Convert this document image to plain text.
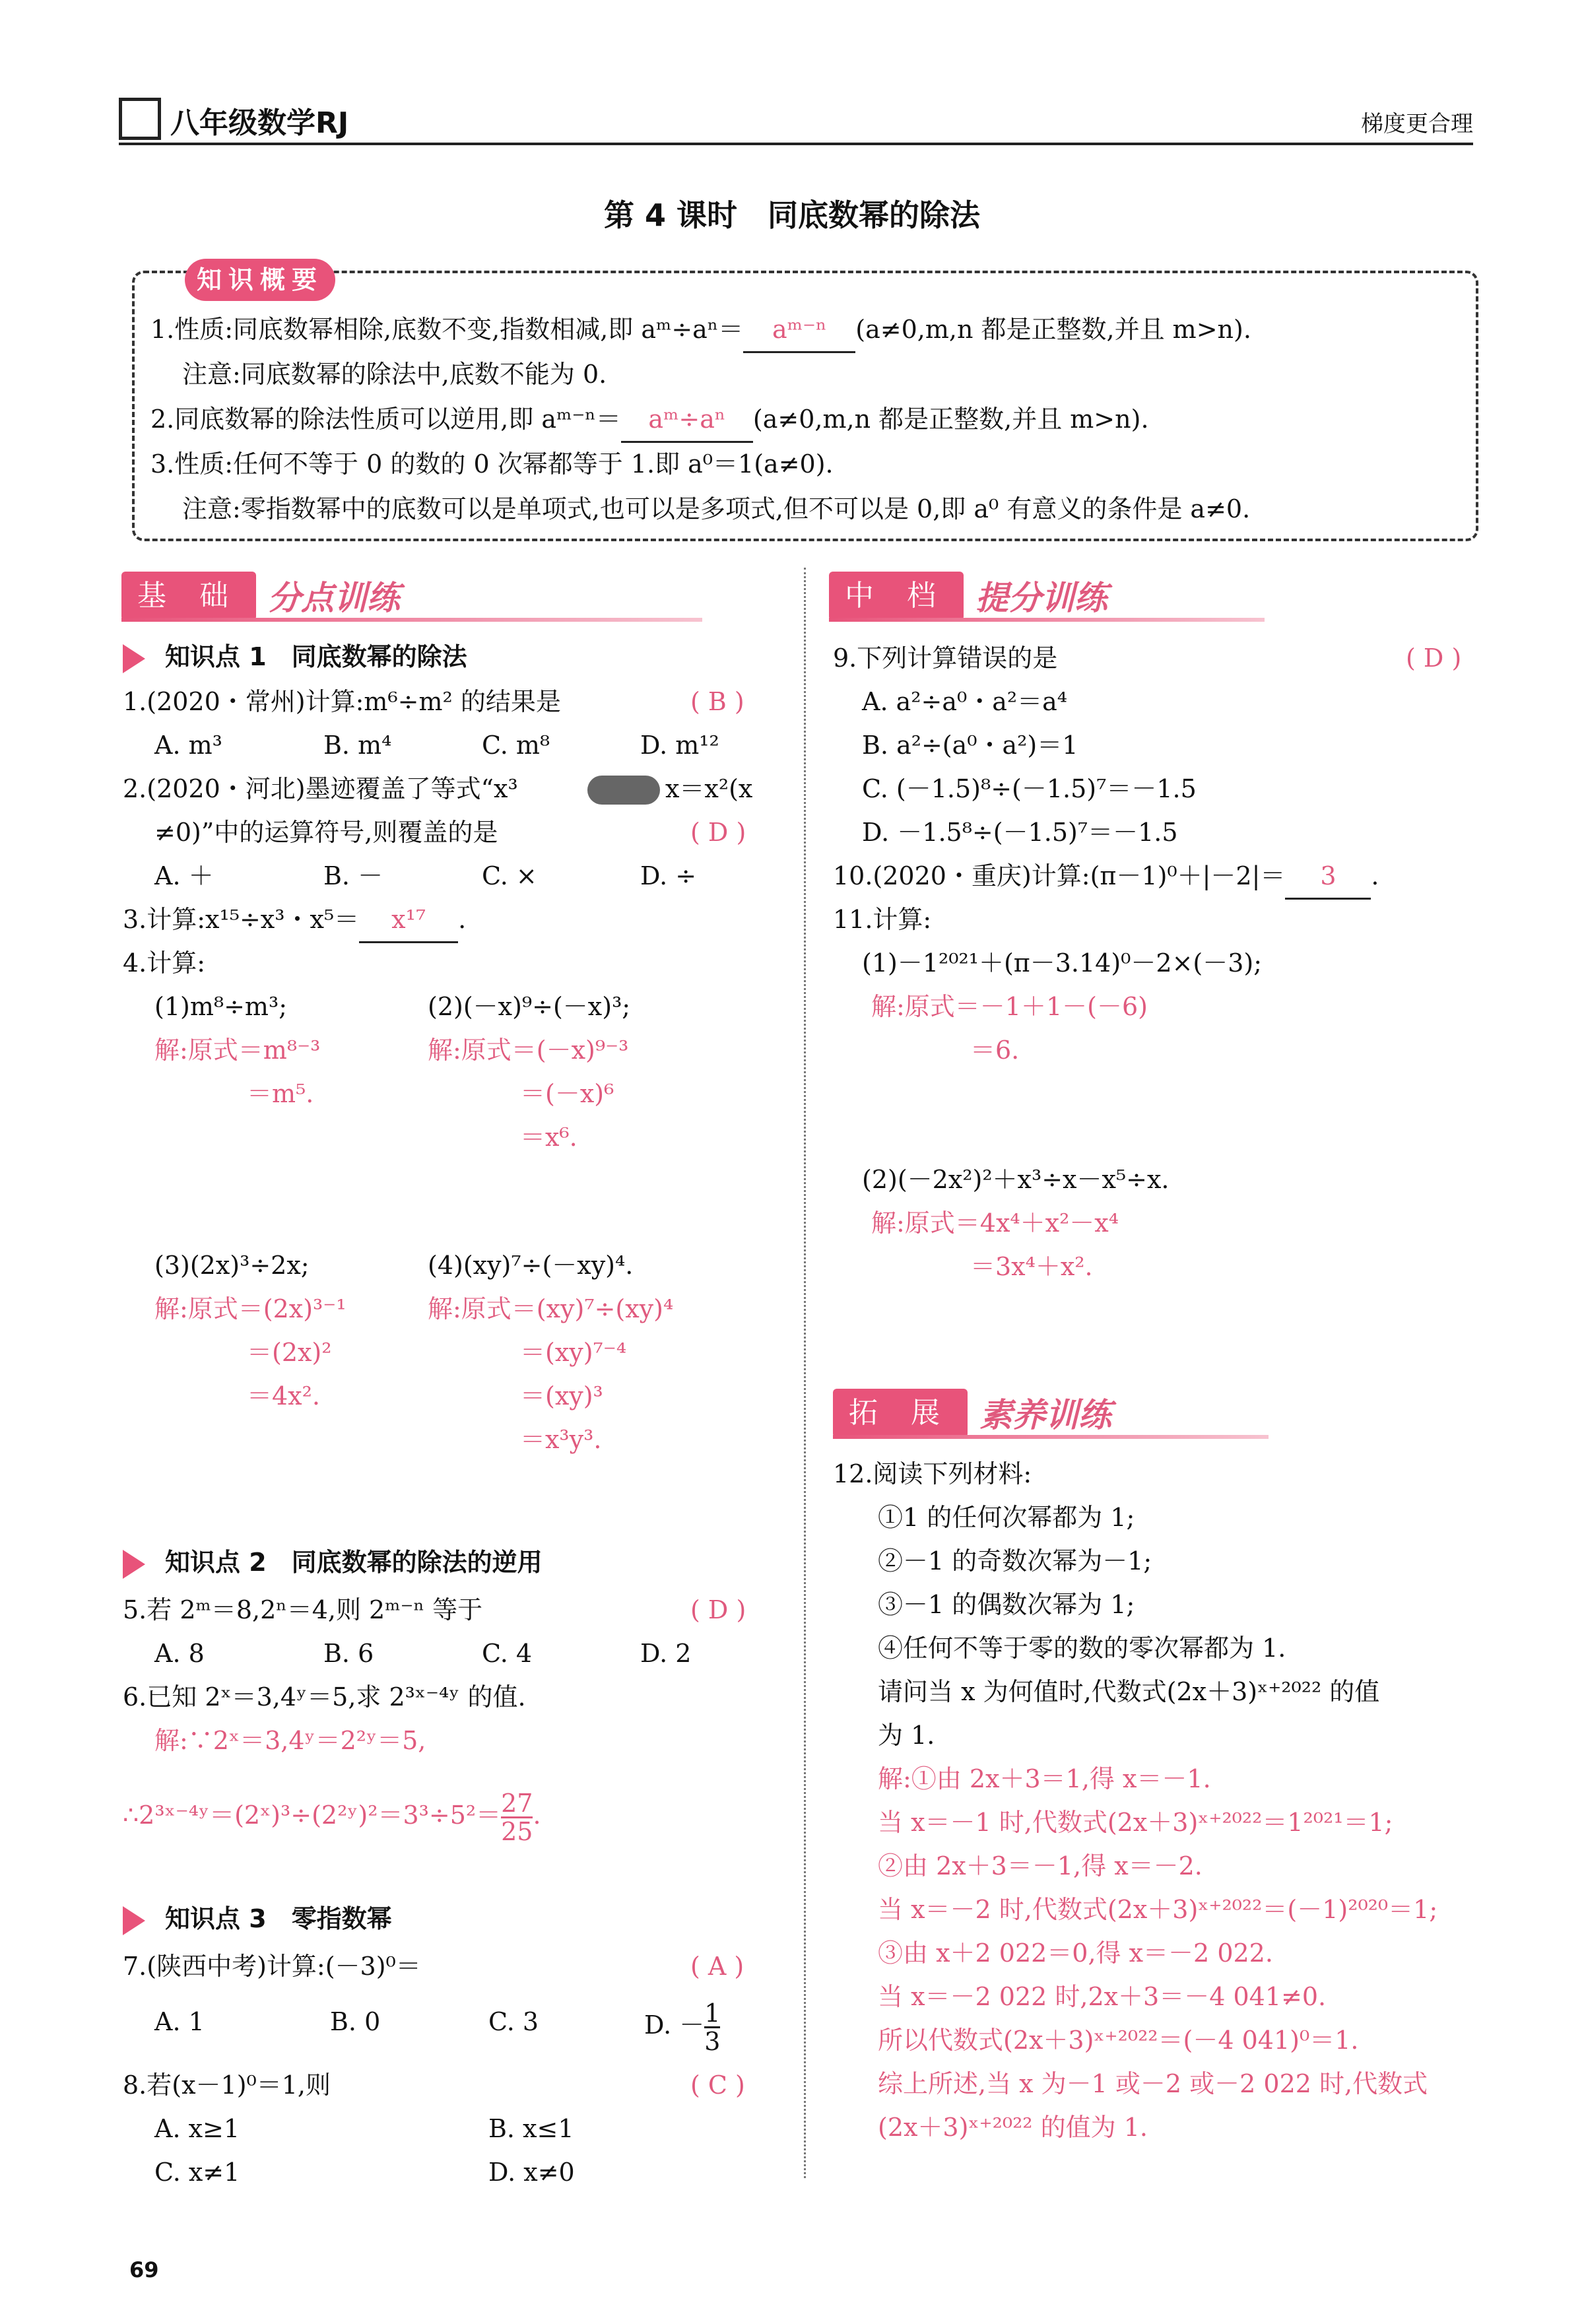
八年级数学RJ	梯度更合理
第 4 课时　同底数幂的除法
知识概要
1.性质:同底数幂相除,底数不变,指数相减,即 aᵐ÷aⁿ＝ aᵐ⁻ⁿ (a≠0,m,n 都是正整数,并且 m>n).
注意:同底数幂的除法中,底数不能为 0.
2.同底数幂的除法性质可以逆用,即 aᵐ⁻ⁿ＝ aᵐ÷aⁿ (a≠0,m,n 都是正整数,并且 m>n).
3.性质:任何不等于 0 的数的 0 次幂都等于 1.即 a⁰＝1(a≠0).
注意:零指数幂中的底数可以是单项式,也可以是多项式,但不可以是 0,即 a⁰ 有意义的条件是 a≠0.
基 础 分点训练
知识点 1　同底数幂的除法
1.(2020・常州)计算:m⁶÷m² 的结果是	( B )
A. m³	B. m⁴	C. m⁸	D. m¹²
2.(2020・河北)墨迹覆盖了等式“x³	x＝x²(x
≠0)”中的运算符号,则覆盖的是	( D )
A. ＋	B. －	C. ×	D. ÷
3.计算:x¹⁵÷x³・x⁵＝ x¹⁷ .
4.计算:
(1)m⁸÷m³;
解:原式＝m⁸⁻³
＝m⁵.
(2)(－x)⁹÷(－x)³;
解:原式＝(－x)⁹⁻³
＝(－x)⁶
＝x⁶.
(3)(2x)³÷2x;
解:原式＝(2x)³⁻¹
＝(2x)²
＝4x².
(4)(xy)⁷÷(－xy)⁴.
解:原式＝(xy)⁷÷(xy)⁴
＝(xy)⁷⁻⁴
＝(xy)³
＝x³y³.
知识点 2　同底数幂的除法的逆用
5.若 2ᵐ＝8,2ⁿ＝4,则 2ᵐ⁻ⁿ 等于	( D )
A. 8	B. 6	C. 4	D. 2
6.已知 2ˣ＝3,4ʸ＝5,求 2³ˣ⁻⁴ʸ 的值.
解:∵2ˣ＝3,4ʸ＝2²ʸ＝5,
∴2³ˣ⁻⁴ʸ＝(2ˣ)³÷(2²ʸ)²＝3³÷5²＝ $\frac{27}{25}$ .
知识点 3　零指数幂
7.(陕西中考)计算:(－3)⁰＝	( A )
A. 1	B. 0	C. 3	D. － $\frac{1}{3}$
8.若(x－1)⁰＝1,则	( C )
A. x≥1	B. x≤1
C. x≠1	D. x≠0
中 档 提分训练
9.下列计算错误的是	( D )
A. a²÷a⁰・a²＝a⁴
B. a²÷(a⁰・a²)＝1
C. (－1.5)⁸÷(－1.5)⁷＝－1.5
D. －1.5⁸÷(－1.5)⁷＝－1.5
10.(2020・重庆)计算:(π－1)⁰＋|－2|＝ 3 .
11.计算:
(1)－1²⁰²¹＋(π－3.14)⁰－2×(－3);
解:原式＝－1＋1－(－6)
＝6.
(2)(－2x²)²＋x³÷x－x⁵÷x.
解:原式＝4x⁴＋x²－x⁴
＝3x⁴＋x².
拓 展 素养训练
12.阅读下列材料:
①1 的任何次幂都为 1;
②－1 的奇数次幂为－1;
③－1 的偶数次幂为 1;
④任何不等于零的数的零次幂都为 1.
请问当 x 为何值时,代数式(2x＋3)ˣ⁺²⁰²² 的值
为 1.
解:①由 2x＋3＝1,得 x＝－1.
当 x＝－1 时,代数式(2x＋3)ˣ⁺²⁰²²＝1²⁰²¹＝1;
②由 2x＋3＝－1,得 x＝－2.
当 x＝－2 时,代数式(2x＋3)ˣ⁺²⁰²²＝(－1)²⁰²⁰＝1;
③由 x＋2 022＝0,得 x＝－2 022.
当 x＝－2 022 时,2x＋3＝－4 041≠0.
所以代数式(2x＋3)ˣ⁺²⁰²²＝(－4 041)⁰＝1.
综上所述,当 x 为－1 或－2 或－2 022 时,代数式
(2x＋3)ˣ⁺²⁰²² 的值为 1.
69
